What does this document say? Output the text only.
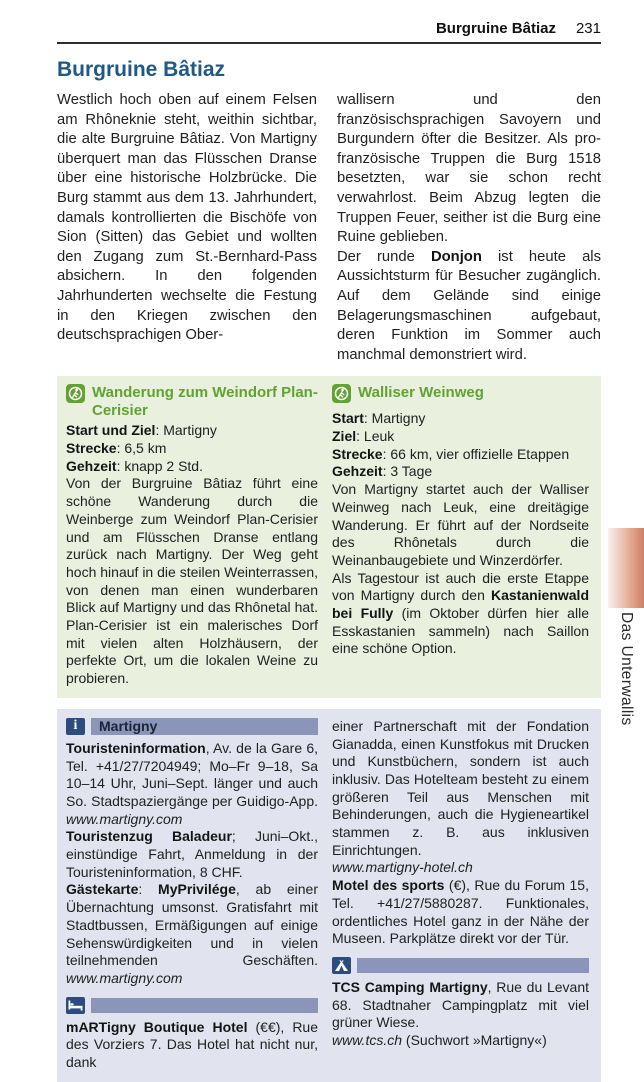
Burgruine Bâtiaz 231
Burgruine Bâtiaz

Westlich hoch oben auf einem Felsen am Rhôneknie steht, weithin sichtbar, die alte Burgruine Bâtiaz. Von Martigny überquert man das Flüsschen Dranse über eine historische Holzbrücke. Die Burg stammt aus dem 13. Jahrhundert, damals kontrollierten die Bischöfe von Sion (Sitten) das Gebiet und wollten den Zugang zum St.-Bernhard-Pass absichern. In den folgenden Jahrhunderten wechselte die Festung in den Kriegen zwischen den deutschsprachigen Ober-

wallisern und den französischsprachigen Savoyern und Burgundern öfter die Besitzer. Als pro-französische Truppen die Burg 1518 besetzten, war sie schon recht verwahrlost. Beim Abzug legten die Truppen Feuer, seither ist die Burg eine Ruine geblieben.

Der runde Donjon ist heute als Aussichtsturm für Besucher zugänglich. Auf dem Gelände sind einige Belagerungsmaschinen aufgebaut, deren Funktion im Sommer auch manchmal demonstriert wird.

Wanderung zum Weindorf Plan-Cerisier

Start und Ziel: Martigny

Strecke: 6,5 km

Gehzeit: knapp 2 Std.

Von der Burgruine Bâtiaz führt eine schöne Wanderung durch die Weinberge zum Weindorf Plan-Cerisier und am Flüsschen Dranse entlang zurück nach Martigny. Der Weg geht hoch hinauf in die steilen Weinterrassen, von denen man einen wunderbaren Blick auf Martigny und das Rhônetal hat. Plan-Cerisier ist ein malerisches Dorf mit vielen alten Holzhäusern, der perfekte Ort, um die lokalen Weine zu probieren.

Walliser Weinweg

Start: Martigny

Ziel: Leuk

Strecke: 66 km, vier offizielle Etappen

Gehzeit: 3 Tage

Von Martigny startet auch der Walliser Weinweg nach Leuk, eine dreitägige Wanderung. Er führt auf der Nordseite des Rhônetals durch die Weinanbaugebiete und Winzerdörfer.

Als Tagestour ist auch die erste Etappe von Martigny durch den Kastanienwald bei Fully (im Oktober dürfen hier alle Esskastanien sammeln) nach Saillon eine schöne Option.

i	Martigny

Touristeninformation, Av. de la Gare 6, Tel. +41/27/7204949; Mo–Fr 9–18, Sa 10–14 Uhr, Juni–Sept. länger und auch So. Stadtspaziergänge per Guidigo-App. www.martigny.com

Touristenzug Baladeur; Juni–Okt., einstündige Fahrt, Anmeldung in der Touristeninformation, 8 CHF.

Gästekarte: MyPrivilége, ab einer Übernachtung umsonst. Gratisfahrt mit Stadtbussen, Ermäßigungen auf einige Sehenswürdigkeiten und in vielen teilnehmenden Geschäften. www.martigny.com

mARTigny Boutique Hotel (€€), Rue des Vorziers 7. Das Hotel hat nicht nur, dank

einer Partnerschaft mit der Fondation Gianadda, einen Kunstfokus mit Drucken und Kunstbüchern, sondern ist auch inklusiv. Das Hotelteam besteht zu einem größeren Teil aus Menschen mit Behinderungen, auch die Hygieneartikel stammen z. B. aus inklusiven Einrichtungen.

www.martigny-hotel.ch

Motel des sports (€), Rue du Forum 15, Tel. +41/27/5880287. Funktionales, ordentliches Hotel ganz in der Nähe der Museen. Parkplätze direkt vor der Tür.

TCS Camping Martigny, Rue du Levant 68. Stadtnaher Campingplatz mit viel grüner Wiese.

www.tcs.ch (Suchwort »Martigny«)

Das Unterwallis
